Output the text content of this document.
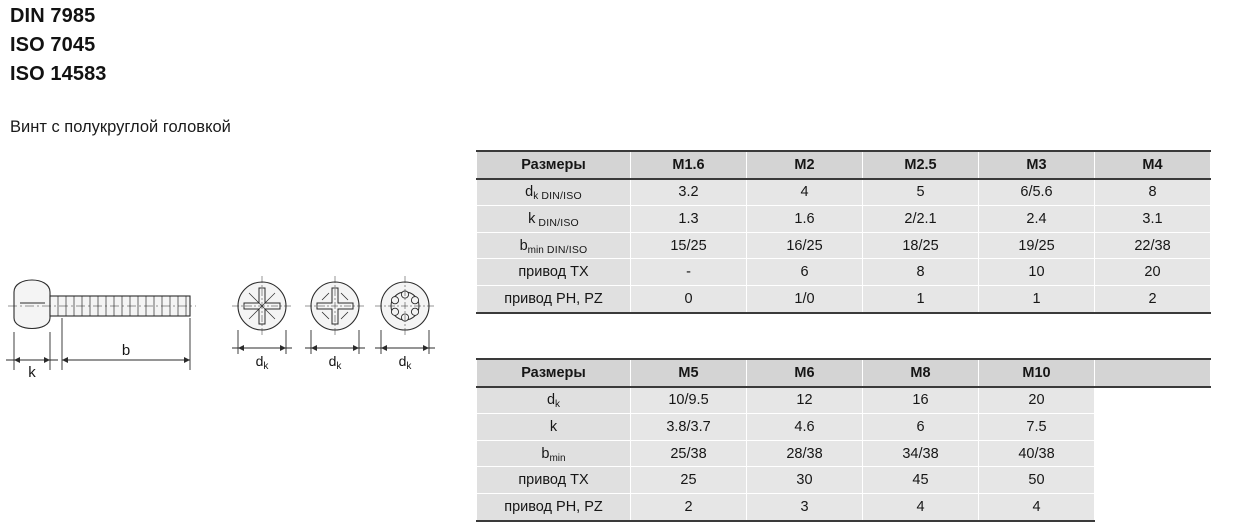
DIN 7985
ISO 7045
ISO 14583
Винт с полукруглой головкой
k
b
$d_k$	$d_k$	$d_k$
Размеры	M1.6	M2	M2.5	M3	M4
$d_k$ $_{DIN/ISO}$	3.2	4	5	6/5.6	8
k $_{DIN/ISO}$	1.3	1.6	2/2.1	2.4	3.1
$b_{min}$ $_{DIN/ISO}$	15/25	16/25	18/25	19/25	22/38
привод TX	-	6	8	10	20
привод PH, PZ	0	1/0	1	1	2
Размеры	M5	M6	M8	M10	
$d_k$	10/9.5	12	16	20	
k	3.8/3.7	4.6	6	7.5	
$b_{min}$	25/38	28/38	34/38	40/38	
привод TX	25	30	45	50	
привод PH, PZ	2	3	4	4	
